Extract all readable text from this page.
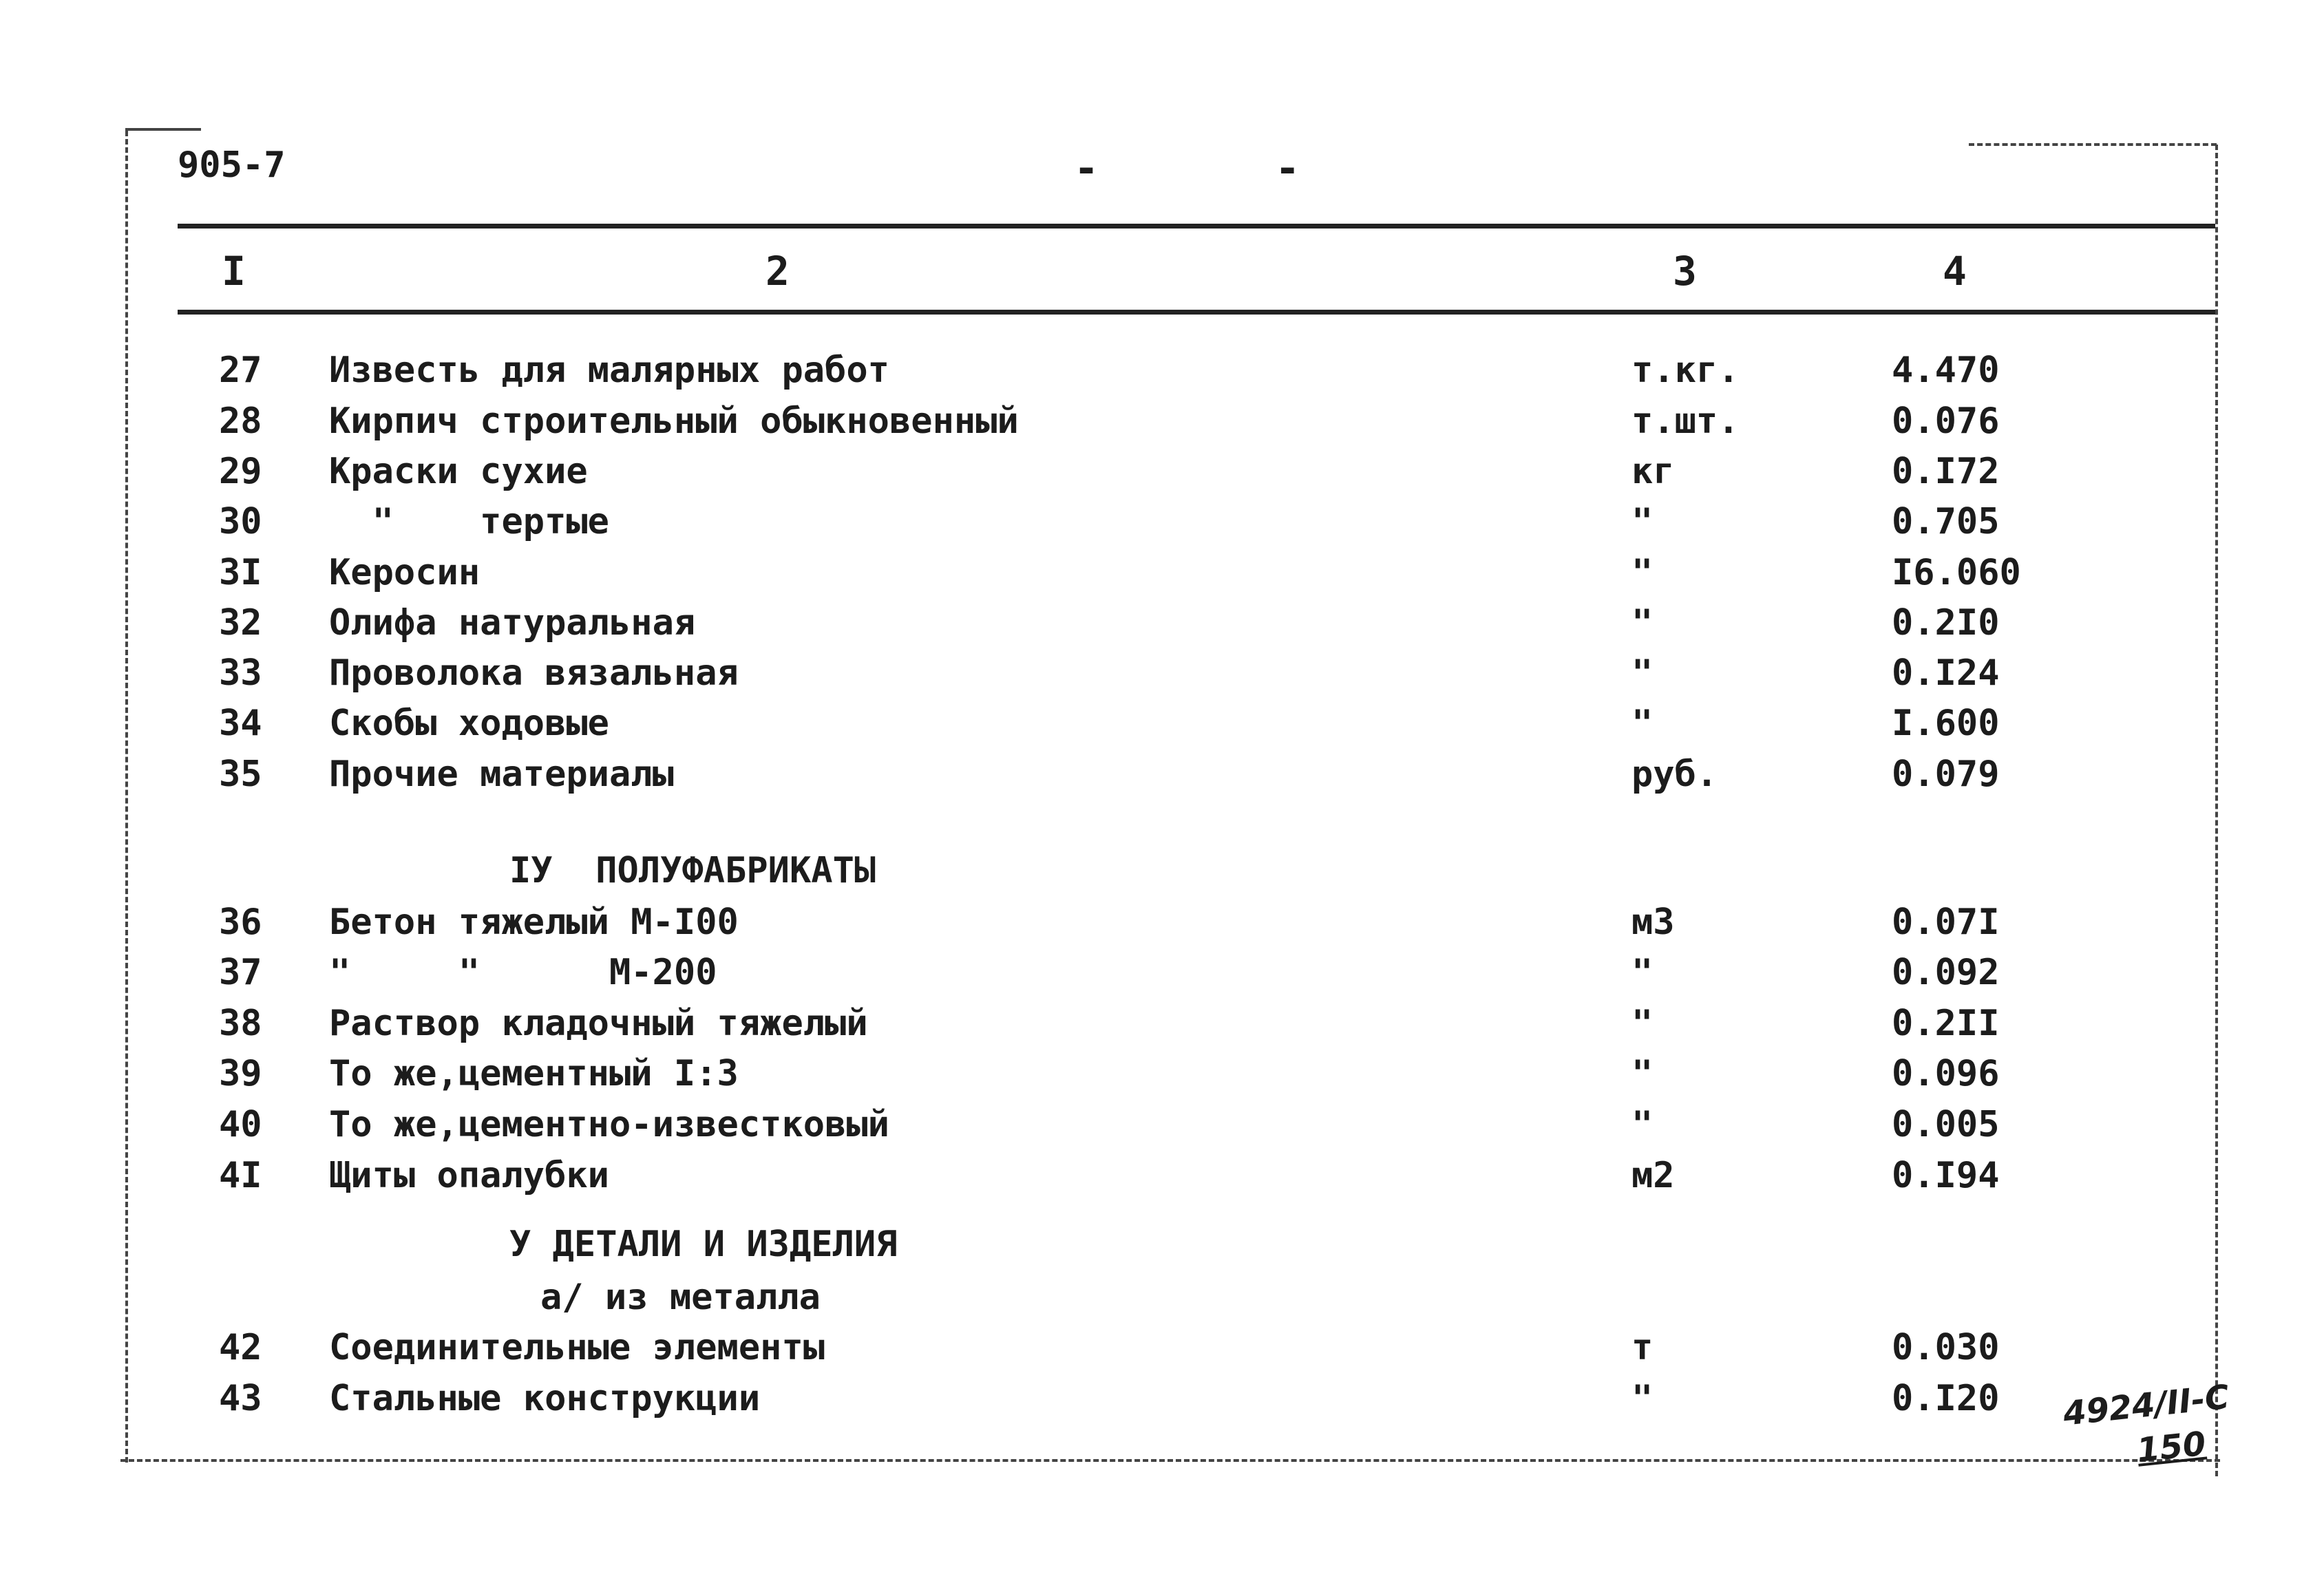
905-7	- -
I	2	3	4
27 Известь для малярных работ	т.кг.	4.470
28 Кирпич строительный обыкновенный	т.шт.	0.076
29 Краски сухие	кг	0.I72
30 "    тертые	"	0.705
3I Керосин	"	I6.060
32 Олифа натуральная	"	0.2I0
33 Проволока вязальная	"	0.I24
34 Скобы ходовые	"	I.600
35 Прочие материалы	руб.	0.079
IУ  ПОЛУФАБРИКАТЫ
36 Бетон тяжелый М-I00	м3	0.07I
37 "     "      М-200	"	0.092
38 Раствор кладочный тяжелый	"	0.2II
39 То же,цементный I:3	"	0.096
40 То же,цементно-известковый	"	0.005
4I Щиты опалубки	м2	0.I94
У ДЕТАЛИ И ИЗДЕЛИЯ
а/ из металла
42 Соединительные элементы	т	0.030
43 Стальные конструкции	"	0.I20 4924/II-C
150
